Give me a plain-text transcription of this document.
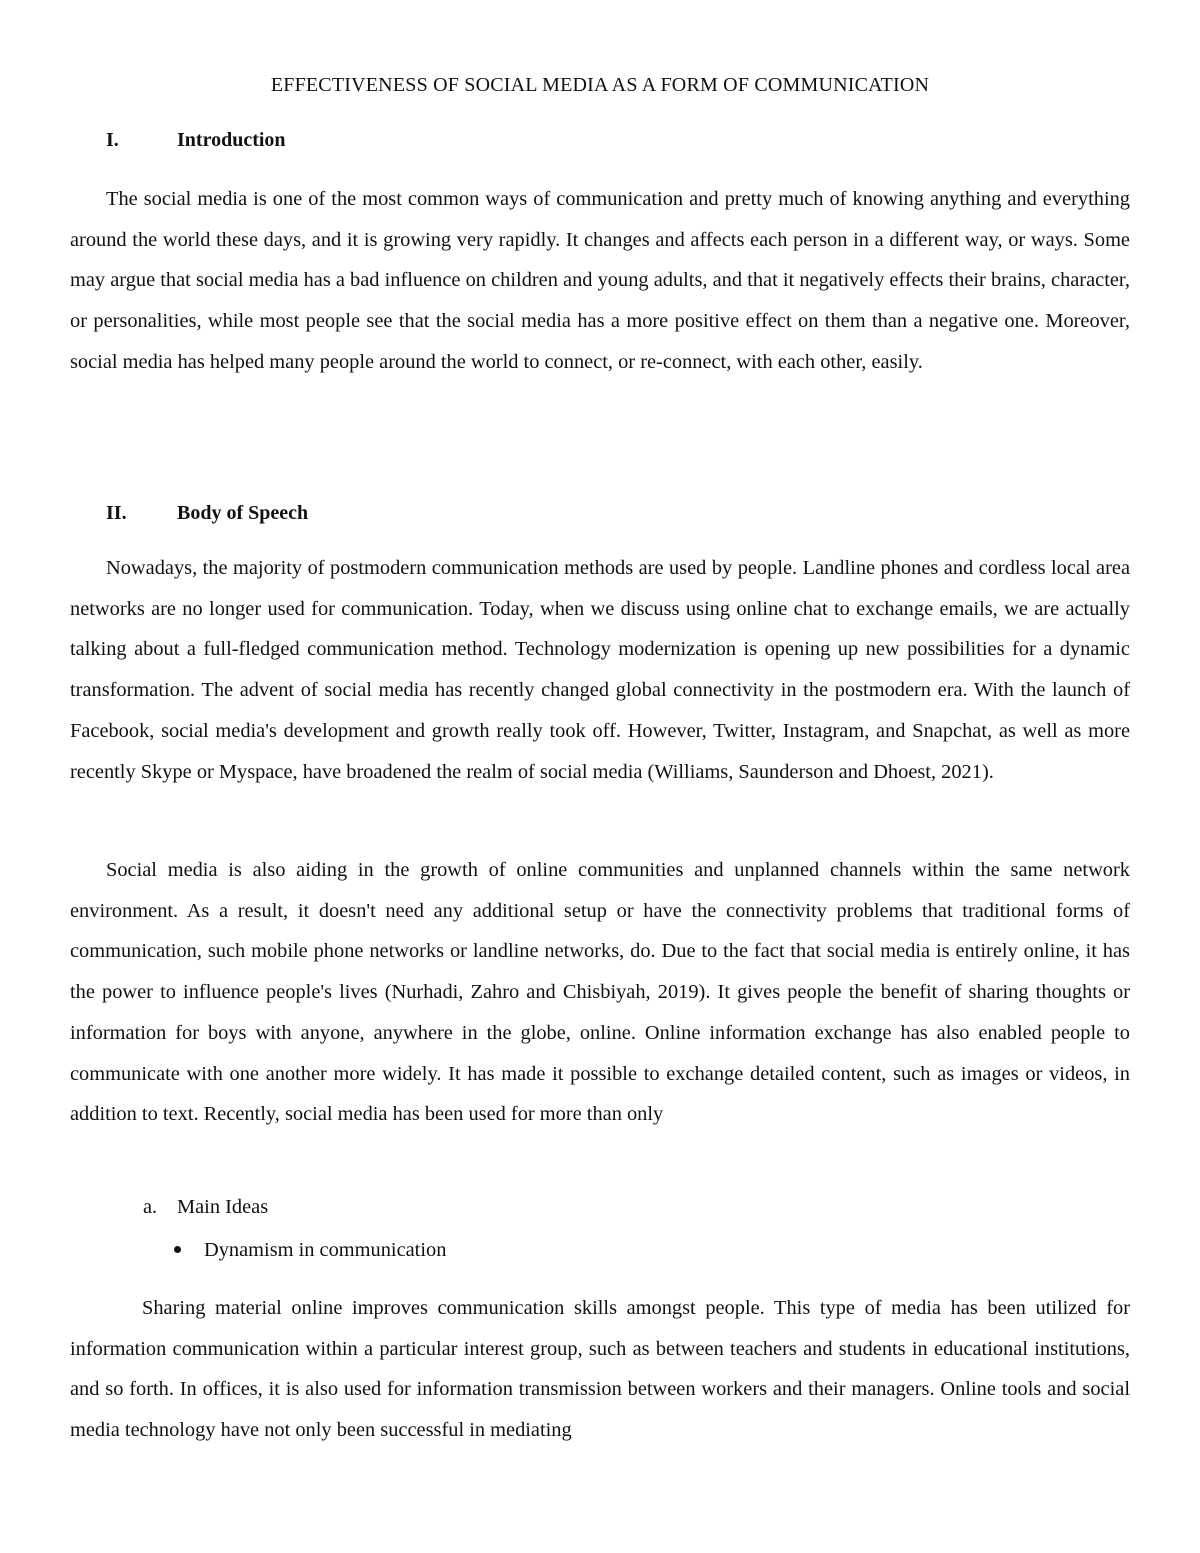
EFFECTIVENESS OF SOCIAL MEDIA AS A FORM OF COMMUNICATION
I.	Introduction

The social media is one of the most common ways of communication and pretty much of knowing anything and everything around the world these days, and it is growing very rapidly. It changes and affects each person in a different way, or ways. Some may argue that social media has a bad influence on children and young adults, and that it negatively effects their brains, character, or personalities, while most people see that the social media has a more positive effect on them than a negative one. Moreover, social media has helped many people around the world to connect, or re-connect, with each other, easily.

II.	Body of Speech

Nowadays, the majority of postmodern communication methods are used by people. Landline phones and cordless local area networks are no longer used for communication. Today, when we discuss using online chat to exchange emails, we are actually talking about a full-fledged communication method. Technology modernization is opening up new possibilities for a dynamic transformation. The advent of social media has recently changed global connectivity in the postmodern era. With the launch of Facebook, social media's development and growth really took off. However, Twitter, Instagram, and Snapchat, as well as more recently Skype or Myspace, have broadened the realm of social media (Williams, Saunderson and Dhoest, 2021).

Social media is also aiding in the growth of online communities and unplanned channels within the same network environment. As a result, it doesn't need any additional setup or have the connectivity problems that traditional forms of communication, such mobile phone networks or landline networks, do. Due to the fact that social media is entirely online, it has the power to influence people's lives (Nurhadi, Zahro and Chisbiyah, 2019). It gives people the benefit of sharing thoughts or information for boys with anyone, anywhere in the globe, online. Online information exchange has also enabled people to communicate with one another more widely. It has made it possible to exchange detailed content, such as images or videos, in addition to text. Recently, social media has been used for more than only

a. Main Ideas
Dynamism in communication

Sharing material online improves communication skills amongst people. This type of media has been utilized for information communication within a particular interest group, such as between teachers and students in educational institutions, and so forth. In offices, it is also used for information transmission between workers and their managers. Online tools and social media technology have not only been successful in mediating
